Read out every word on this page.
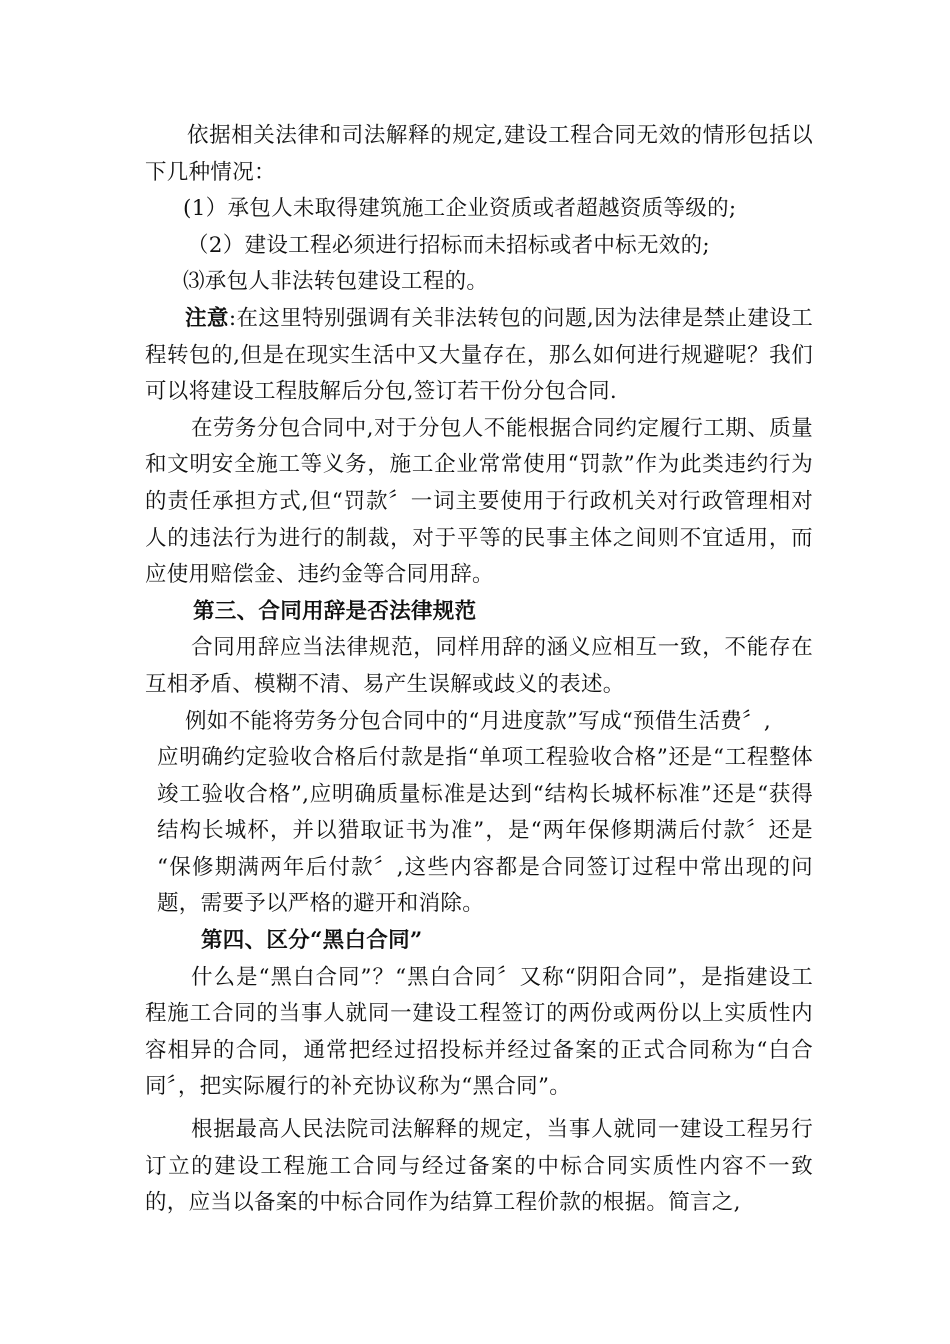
依据相关法律和司法解释的规定,建设工程合同无效的情形包括以下几种情况：

(1）承包人未取得建筑施工企业资质或者超越资质等级的;

（2）建设工程必须进行招标而未招标或者中标无效的;

⑶承包人非法转包建设工程的。

注意:在这里特别强调有关非法转包的问题,因为法律是禁止建设工程转包的,但是在现实生活中又大量存在，那么如何进行规避呢？我们可以将建设工程肢解后分包,签订若干份分包合同.

在劳务分包合同中,对于分包人不能根据合同约定履行工期、质量和文明安全施工等义务，施工企业常常使用“罚款”作为此类违约行为的责任承担方式,但“罚款〞一词主要使用于行政机关对行政管理相对人的违法行为进行的制裁，对于平等的民事主体之间则不宜适用，而应使用赔偿金、违约金等合同用辞。

第三、合同用辞是否法律规范

合同用辞应当法律规范，同样用辞的涵义应相互一致，不能存在互相矛盾、模糊不清、易产生误解或歧义的表述。

例如不能将劳务分包合同中的“月进度款”写成“预借生活费〞,

应明确约定验收合格后付款是指“单项工程验收合格”还是“工程整体竣工验收合格”,应明确质量标准是达到“结构长城杯标准”还是“获得结构长城杯，并以猎取证书为准”，是“两年保修期满后付款〞还是 “保修期满两年后付款〞,这些内容都是合同签订过程中常出现的问题，需要予以严格的避开和消除。

第四、区分“黑白合同”

什么是“黑白合同”？“黑白合同〞又称“阴阳合同”，是指建设工程施工合同的当事人就同一建设工程签订的两份或两份以上实质性内容相异的合同，通常把经过招投标并经过备案的正式合同称为“白合同〞，把实际履行的补充协议称为“黑合同”。

根据最高人民法院司法解释的规定，当事人就同一建设工程另行订立的建设工程施工合同与经过备案的中标合同实质性内容不一致的，应当以备案的中标合同作为结算工程价款的根据。简言之,
